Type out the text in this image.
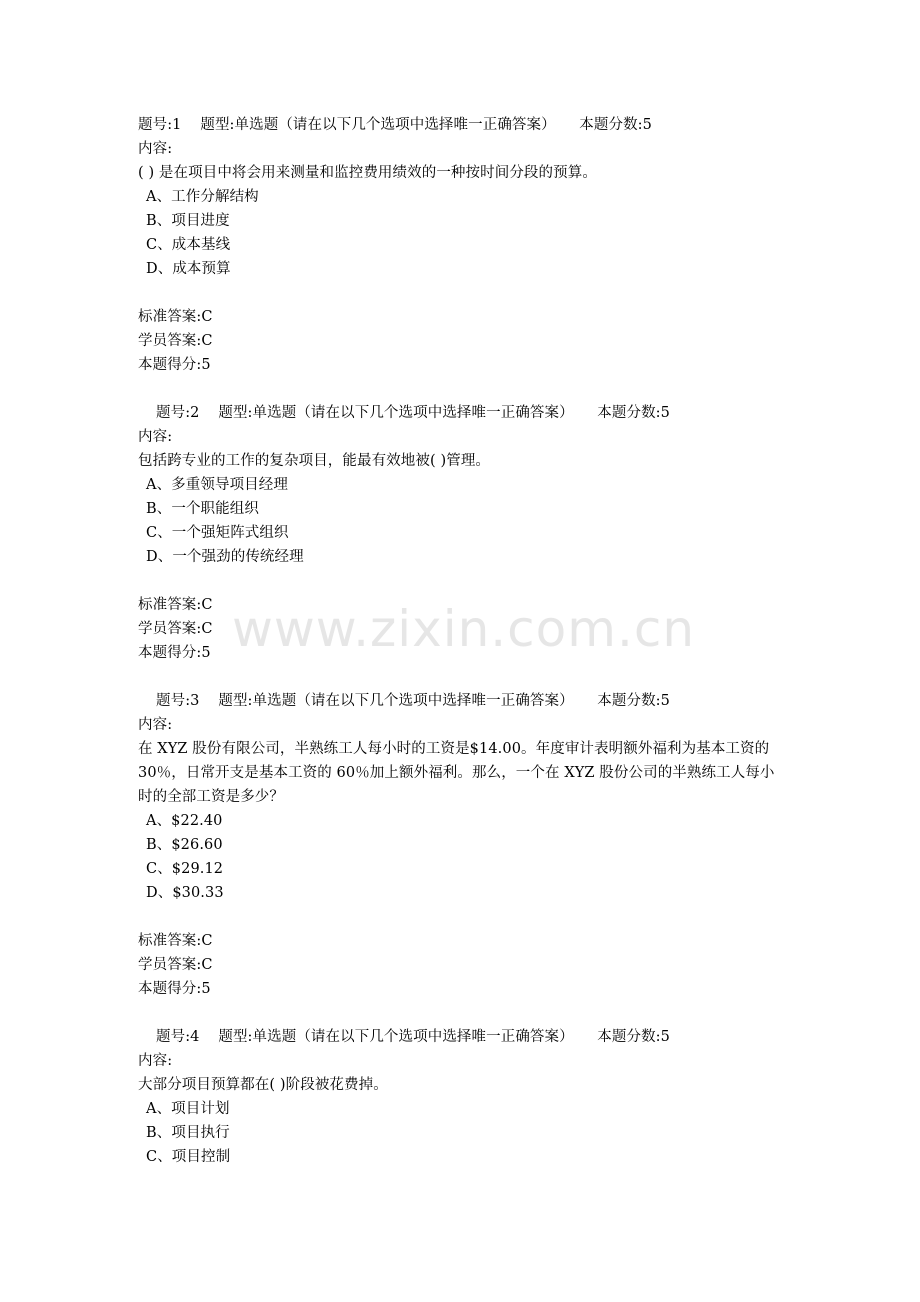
www.zixin.com.cn
题号:1    题型:单选题（请在以下几个选项中选择唯一正确答案）     本题分数:5
内容:
( ) 是在项目中将会用来测量和监控费用绩效的一种按时间分段的预算。
A、工作分解结构
B、项目进度
C、成本基线
D、成本预算
标准答案:C
学员答案:C
本题得分:5
题号:2    题型:单选题（请在以下几个选项中选择唯一正确答案）     本题分数:5
内容:
包括跨专业的工作的复杂项目，能最有效地被( )管理。
A、多重领导项目经理
B、一个职能组织
C、一个强矩阵式组织
D、一个强劲的传统经理
标准答案:C
学员答案:C
本题得分:5
题号:3    题型:单选题（请在以下几个选项中选择唯一正确答案）     本题分数:5
内容:
在 XYZ 股份有限公司，半熟练工人每小时的工资是$14.00。年度审计表明额外福利为基本工资的 30％，日常开支是基本工资的 60％加上额外福利。那么，一个在 XYZ 股份公司的半熟练工人每小时的全部工资是多少？
A、$22.40
B、$26.60
C、$29.12
D、$30.33
标准答案:C
学员答案:C
本题得分:5
题号:4    题型:单选题（请在以下几个选项中选择唯一正确答案）     本题分数:5
内容:
大部分项目预算都在( )阶段被花费掉。
A、项目计划
B、项目执行
C、项目控制
